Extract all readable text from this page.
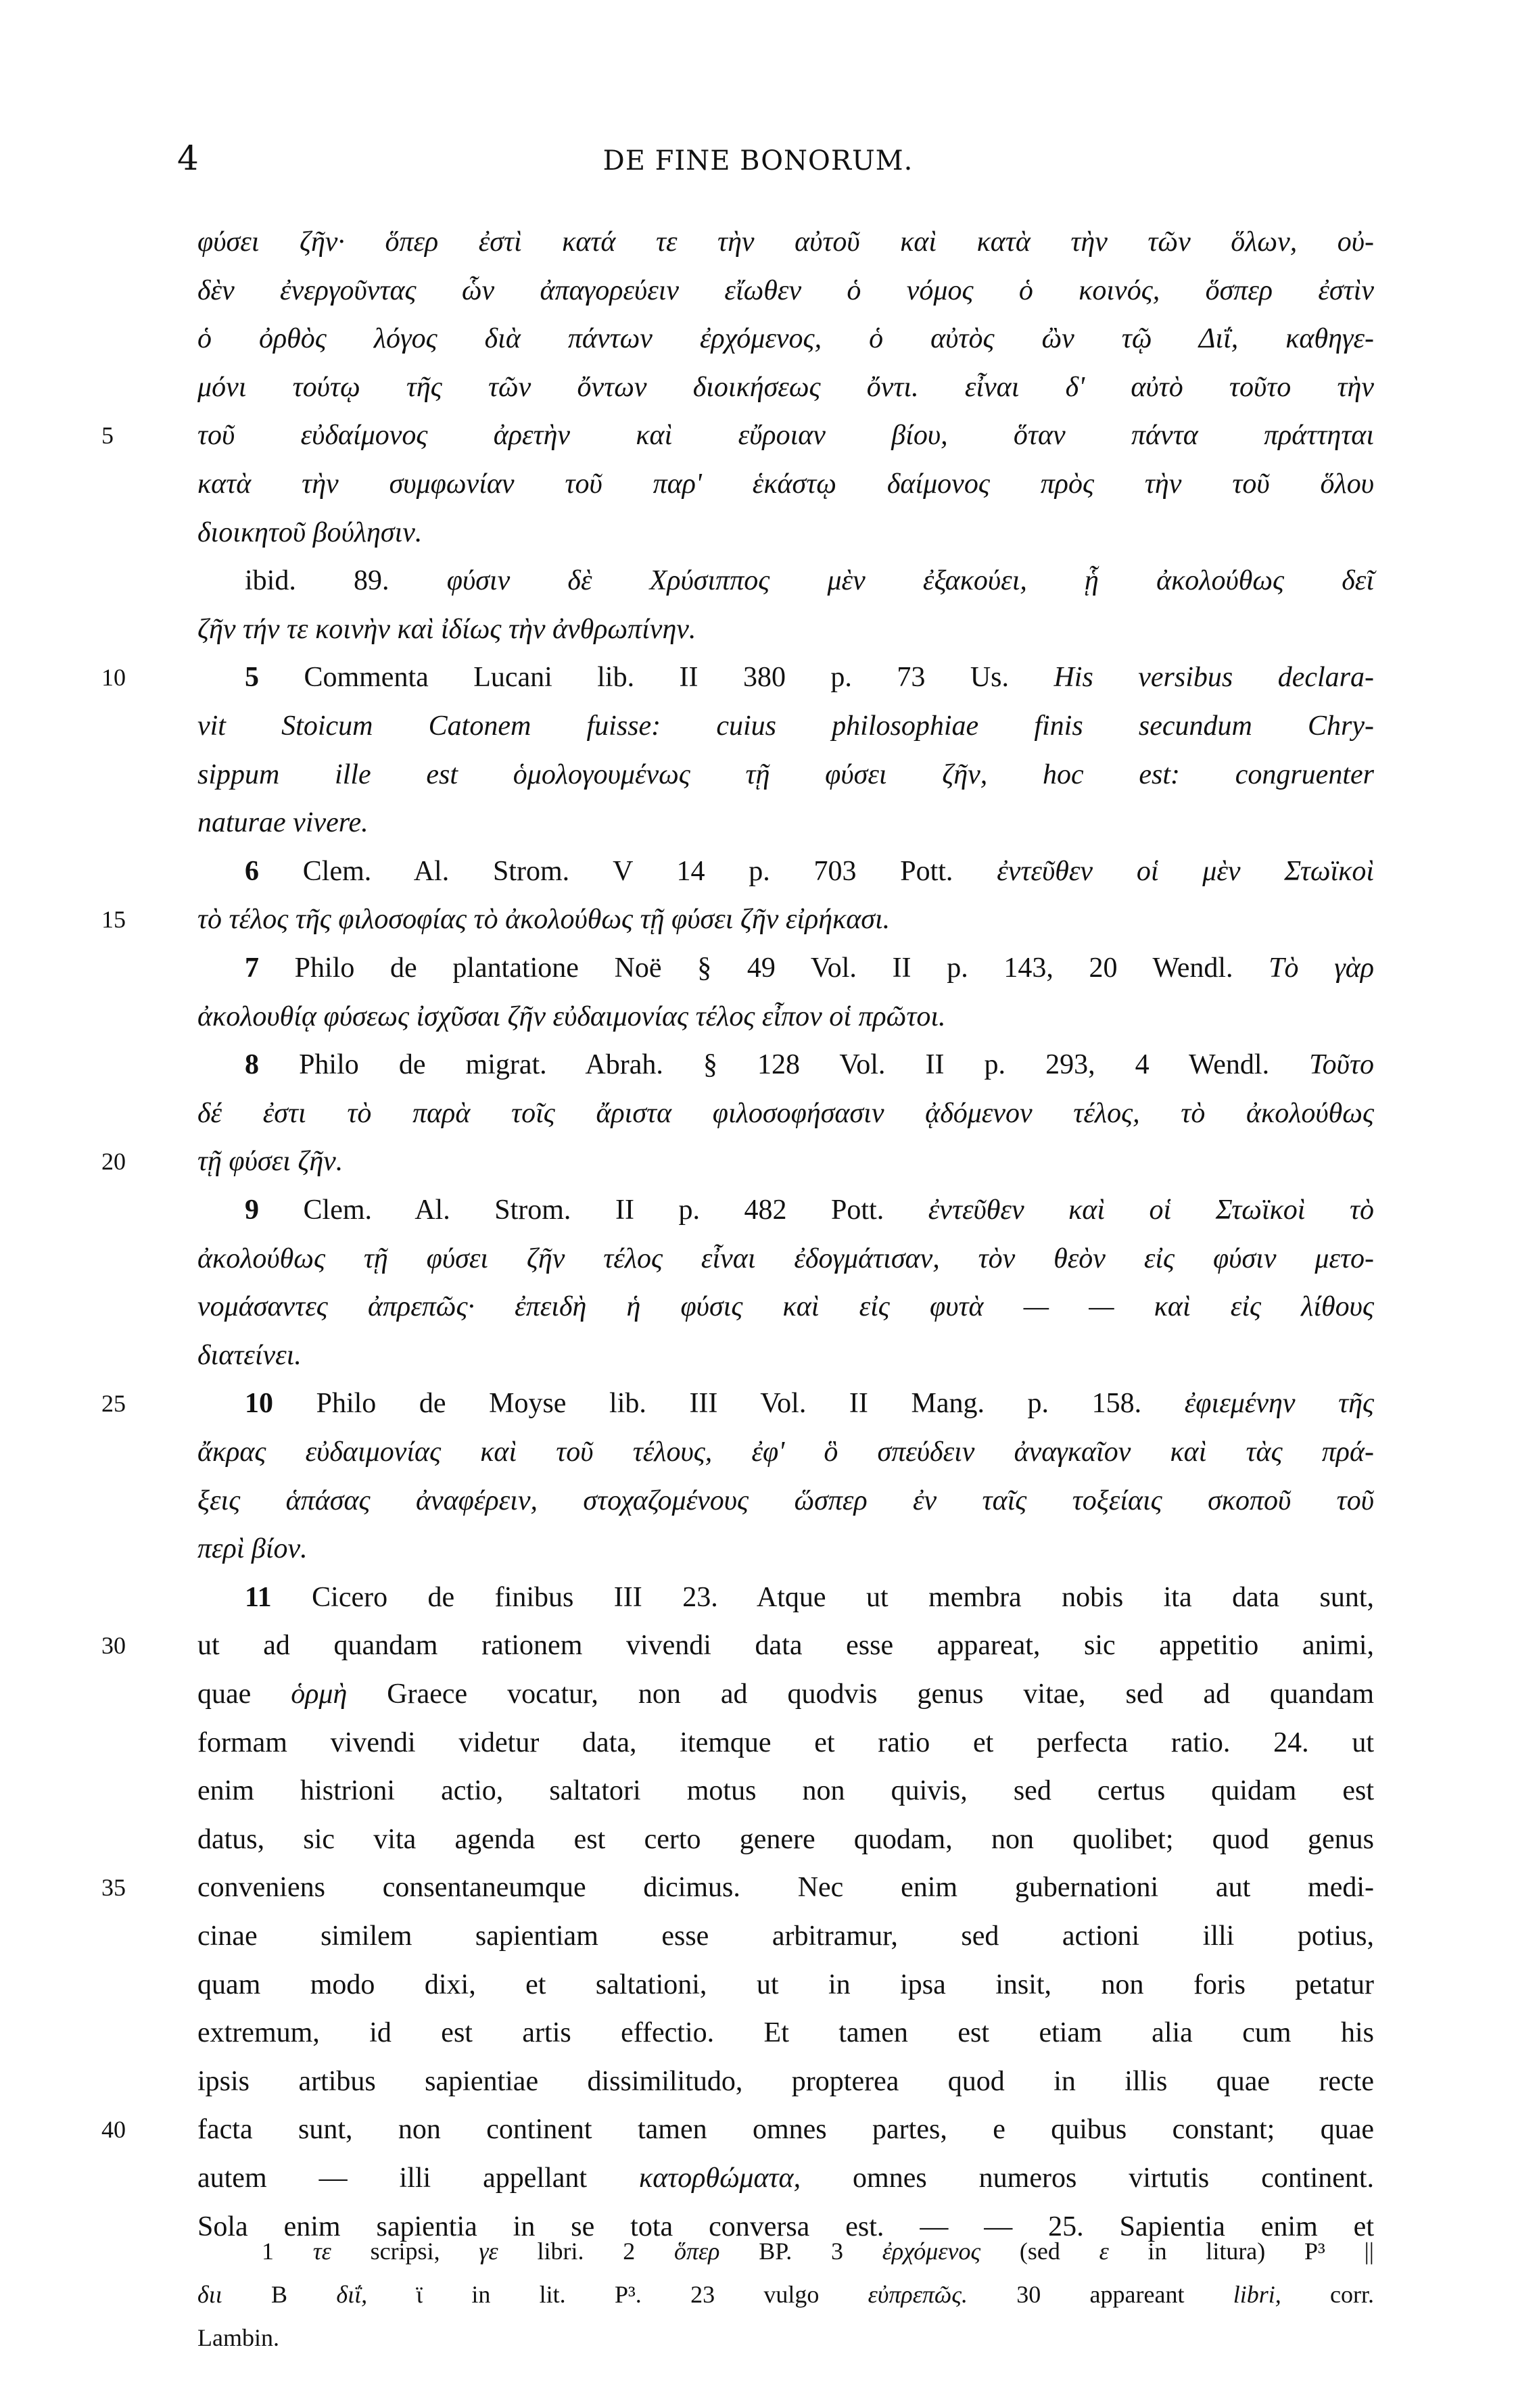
4	DE FINE BONORUM.
φύσει ζῆν· ὅπερ ἐστὶ κατά τε τὴν αὐτοῦ καὶ κατὰ τὴν τῶν ὅλων, οὐ-
δὲν ἐνεργοῦντας ὧν ἀπαγορεύειν εἴωθεν ὁ νόμος ὁ κοινός, ὅσπερ ἐστὶν
ὁ ὀρθὸς λόγος διὰ πάντων ἐρχόμενος, ὁ αὐτὸς ὢν τῷ Διΐ, καθηγε-
μόνι τούτῳ τῆς τῶν ὄντων διοικήσεως ὄντι. εἶναι δ' αὐτὸ τοῦτο τὴν
5	τοῦ εὐδαίμονος ἀρετὴν καὶ εὔροιαν βίου, ὅταν πάντα πράττηται
κατὰ τὴν συμφωνίαν τοῦ παρ' ἑκάστῳ δαίμονος πρὸς τὴν τοῦ ὅλου
διοικητοῦ βούλησιν.
ibid. 89. φύσιν δὲ Χρύσιππος μὲν ἐξακούει, ᾗ ἀκολούθως δεῖ
ζῆν τήν τε κοινὴν καὶ ἰδίως τὴν ἀνθρωπίνην.
10	5 Commenta Lucani lib. II 380 p. 73 Us. His versibus declara-
vit Stoicum Catonem fuisse: cuius philosophiae finis secundum Chry-
sippum ille est ὁμολογουμένως τῇ φύσει ζῆν, hoc est: congruenter
naturae vivere.
6 Clem. Al. Strom. V 14 p. 703 Pott. ἐντεῦθεν οἱ μὲν Στωϊκοὶ
15	τὸ τέλος τῆς φιλοσοφίας τὸ ἀκολούθως τῇ φύσει ζῆν εἰρήκασι.
7 Philo de plantatione Noë § 49 Vol. II p. 143, 20 Wendl. Τὸ γὰρ
ἀκολουθίᾳ φύσεως ἰσχῦσαι ζῆν εὐδαιμονίας τέλος εἶπον οἱ πρῶτοι.
8 Philo de migrat. Abrah. § 128 Vol. II p. 293, 4 Wendl. Τοῦτο
δέ ἐστι τὸ παρὰ τοῖς ἄριστα φιλοσοφήσασιν ᾀδόμενον τέλος, τὸ ἀκολούθως
20	τῇ φύσει ζῆν.
9 Clem. Al. Strom. II p. 482 Pott. ἐντεῦθεν καὶ οἱ Στωϊκοὶ τὸ
ἀκολούθως τῇ φύσει ζῆν τέλος εἶναι ἐδογμάτισαν, τὸν θεὸν εἰς φύσιν μετο-
νομάσαντες ἀπρεπῶς· ἐπειδὴ ἡ φύσις καὶ εἰς φυτὰ — — καὶ εἰς λίθους
διατείνει.
25	10 Philo de Moyse lib. III Vol. II Mang. p. 158. ἐφιεμένην τῆς
ἄκρας εὐδαιμονίας καὶ τοῦ τέλους, ἐφ' ὃ σπεύδειν ἀναγκαῖον καὶ τὰς πρά-
ξεις ἁπάσας ἀναφέρειν, στοχαζομένους ὥσπερ ἐν ταῖς τοξείαις σκοποῦ τοῦ
περὶ βίον.
11 Cicero de finibus III 23. Atque ut membra nobis ita data sunt,
30	ut ad quandam rationem vivendi data esse appareat, sic appetitio animi,
quae ὁρμὴ Graece vocatur, non ad quodvis genus vitae, sed ad quandam
formam vivendi videtur data, itemque et ratio et perfecta ratio. 24. ut
enim histrioni actio, saltatori motus non quivis, sed certus quidam est
datus, sic vita agenda est certo genere quodam, non quolibet; quod genus
35	conveniens consentaneumque dicimus. Nec enim gubernationi aut medi-
cinae similem sapientiam esse arbitramur, sed actioni illi potius,
quam modo dixi, et saltationi, ut in ipsa insit, non foris petatur
extremum, id est artis effectio. Et tamen est etiam alia cum his
ipsis artibus sapientiae dissimilitudo, propterea quod in illis quae recte
40	facta sunt, non continent tamen omnes partes, e quibus constant; quae
autem — illi appellant κατορθώματα, omnes numeros virtutis continent.
Sola enim sapientia in se tota conversa est. — — 25. Sapientia enim et
1 τε scripsi, γε libri. 2 ὅπερ BP. 3 ἐρχόμενος (sed ε in litura) P³ ||
διι B διΐ, ϊ in lit. P³. 23 vulgo εὐπρεπῶς. 30 appareant libri, corr.
Lambin.
